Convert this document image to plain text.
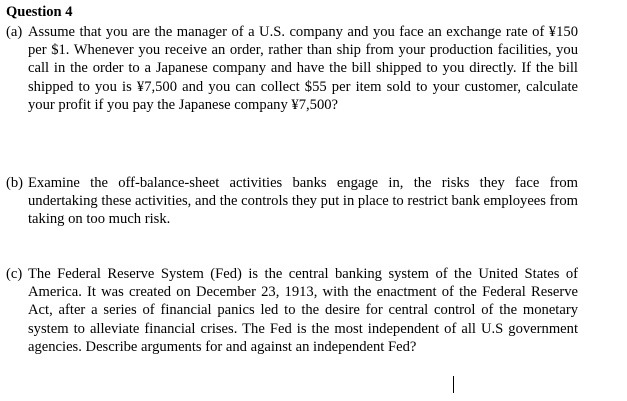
Question 4
(a) Assume that you are the manager of a U.S. company and you face an exchange rate of ¥150 per $1. Whenever you receive an order, rather than ship from your production facilities, you call in the order to a Japanese company and have the bill shipped to you directly. If the bill shipped to you is ¥7,500 and you can collect $55 per item sold to your customer, calculate your profit if you pay the Japanese company ¥7,500?
(b) Examine the off-balance-sheet activities banks engage in, the risks they face from undertaking these activities, and the controls they put in place to restrict bank employees from taking on too much risk.
(c) The Federal Reserve System (Fed) is the central banking system of the United States of America. It was created on December 23, 1913, with the enactment of the Federal Reserve Act, after a series of financial panics led to the desire for central control of the monetary system to alleviate financial crises. The Fed is the most independent of all U.S government agencies. Describe arguments for and against an independent Fed?
